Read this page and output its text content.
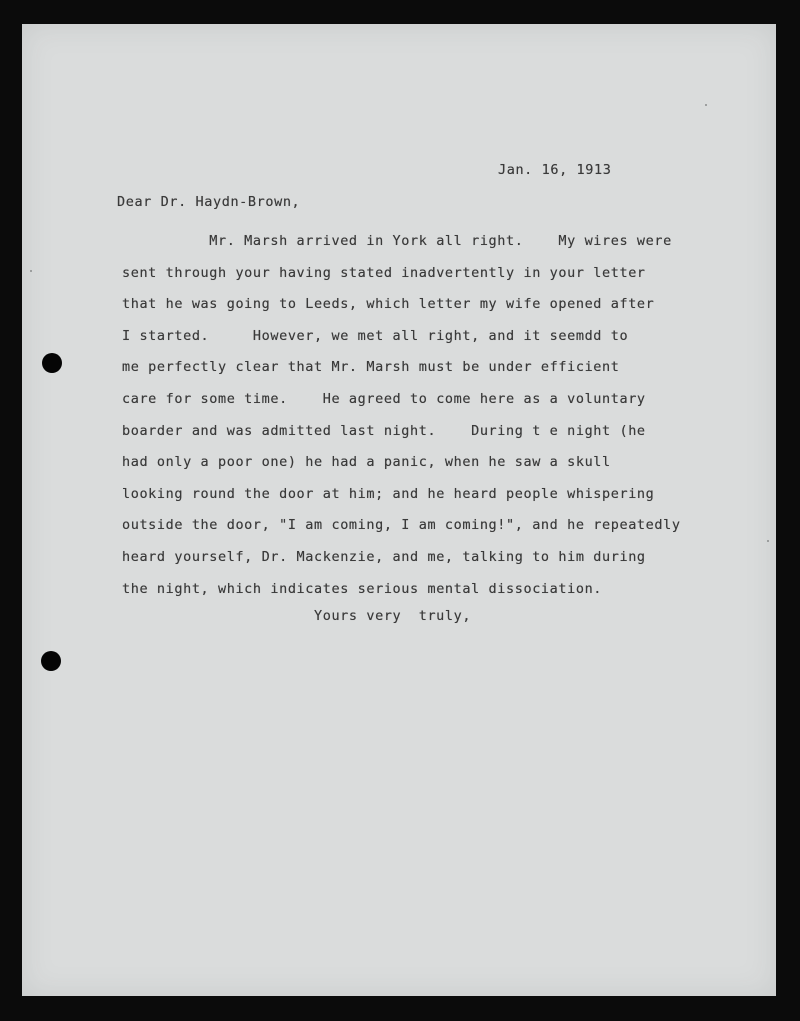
Jan. 16, 1913

Dear Dr. Haydn-Brown,

Mr. Marsh arrived in York all right.    My wires were
sent through your having stated inadvertently in your letter
that he was going to Leeds, which letter my wife opened after
I started.     However, we met all right, and it seemdd to
me perfectly clear that Mr. Marsh must be under efficient
care for some time.    He agreed to come here as a voluntary
boarder and was admitted last night.    During t e night (he
had only a poor one) he had a panic, when he saw a skull
looking round the door at him; and he heard people whispering
outside the door, "I am coming, I am coming!", and he repeatedly
heard yourself, Dr. Mackenzie, and me, talking to him during
the night, which indicates serious mental dissociation.

Yours very  truly,
